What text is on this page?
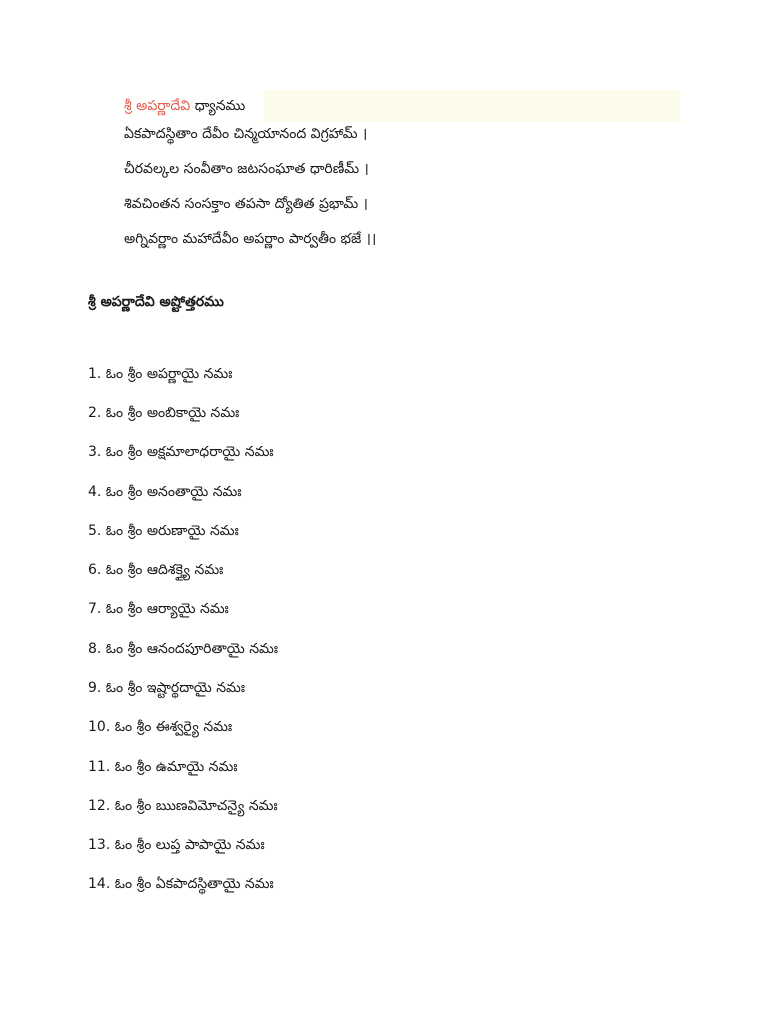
శ్రీ అపర్ణాదేవి ధ్యానము
ఏకపాదస్థితాం దేవీం చిన్మయానంద విగ్రహామ్ ।
చీరవల్కల సంవీతాం జటసంఘాత ధారిణీమ్ ।
శివచింతన సంసక్తాం తపసా ద్యోతిత ప్రభామ్ ।
అగ్నివర్ణాం మహాదేవీం అపర్ణాం పార్వతీం భజే ।।
శ్రీ అపర్ణాదేవి అష్టోత్తరము
1. ఓం శ్రీం అపర్ణాయై నమః
2. ఓం శ్రీం అంబికాయై నమః
3. ఓం శ్రీం అక్షమాలాధరాయై నమః
4. ఓం శ్రీం అనంతాయై నమః
5. ఓం శ్రీం అరుణాయై నమః
6. ఓం శ్రీం ఆదిశక్త్యై నమః
7. ఓం శ్రీం ఆర్యాయై నమః
8. ఓం శ్రీం ఆనందపూరితాయై నమః
9. ఓం శ్రీం ఇష్టార్థదాయై నమః
10. ఓం శ్రీం ఈశ్వర్యై నమః
11. ఓం శ్రీం ఉమాయై నమః
12. ఓం శ్రీం ఋణవిమోచన్యై నమః
13. ఓం శ్రీం లుప్త పాపాయై నమః
14. ఓం శ్రీం ఏకపాదస్థితాయై నమః
